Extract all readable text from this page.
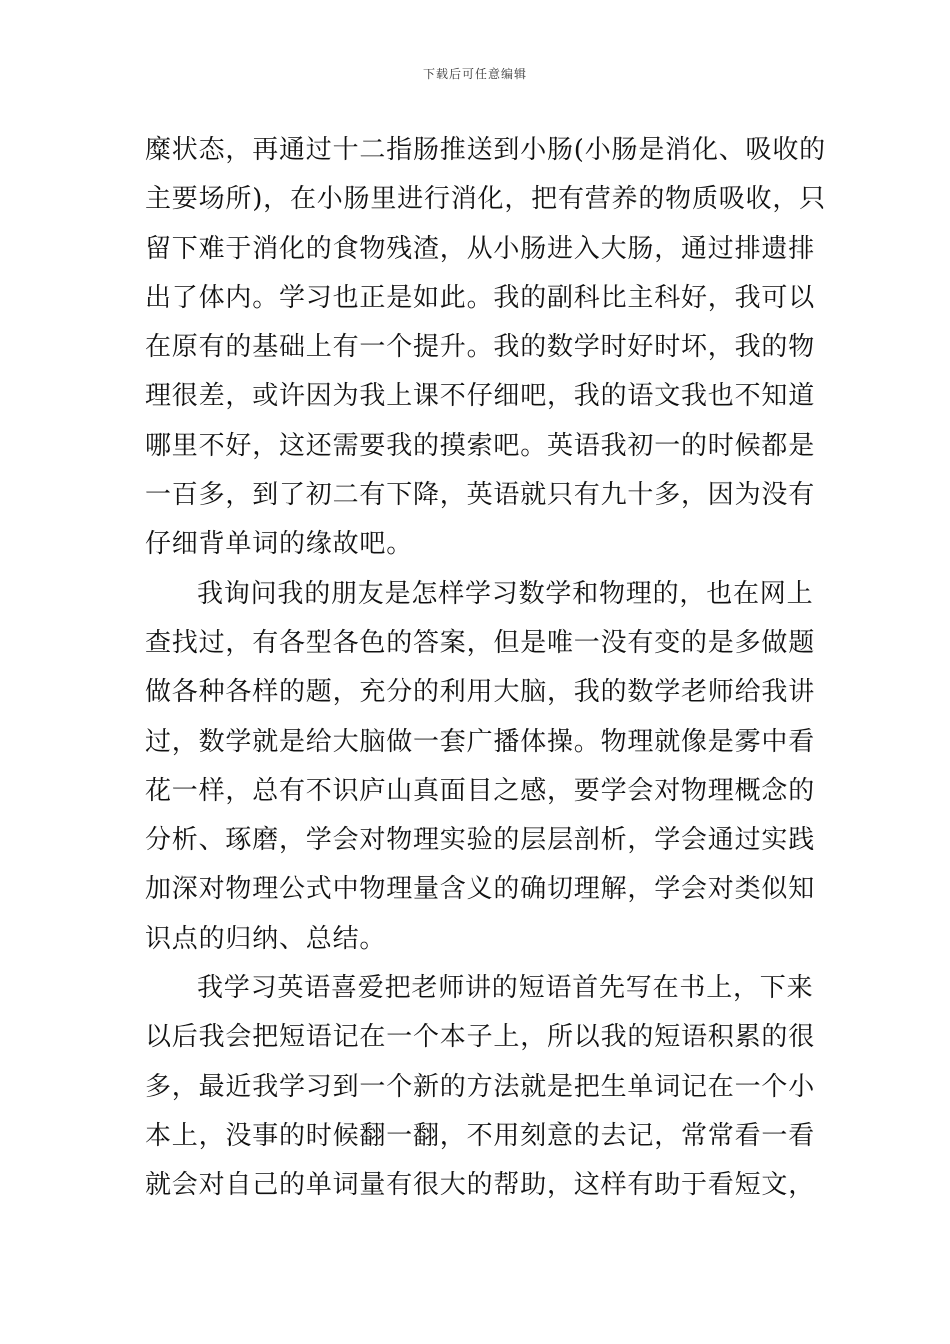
下载后可任意编辑
糜状态，再通过十二指肠推送到小肠(小肠是消化、吸收的
主要场所)，在小肠里进行消化，把有营养的物质吸收，只
留下难于消化的食物残渣，从小肠进入大肠，通过排遗排
出了体内。学习也正是如此。我的副科比主科好，我可以
在原有的基础上有一个提升。我的数学时好时坏，我的物
理很差，或许因为我上课不仔细吧，我的语文我也不知道
哪里不好，这还需要我的摸索吧。英语我初一的时候都是
一百多，到了初二有下降，英语就只有九十多，因为没有
仔细背单词的缘故吧。
我询问我的朋友是怎样学习数学和物理的，也在网上
查找过，有各型各色的答案，但是唯一没有变的是多做题
做各种各样的题，充分的利用大脑，我的数学老师给我讲
过，数学就是给大脑做一套广播体操。物理就像是雾中看
花一样，总有不识庐山真面目之感，要学会对物理概念的
分析、琢磨，学会对物理实验的层层剖析，学会通过实践
加深对物理公式中物理量含义的确切理解，学会对类似知
识点的归纳、总结。
我学习英语喜爱把老师讲的短语首先写在书上，下来
以后我会把短语记在一个本子上，所以我的短语积累的很
多，最近我学习到一个新的方法就是把生单词记在一个小
本上，没事的时候翻一翻，不用刻意的去记，常常看一看
就会对自己的单词量有很大的帮助，这样有助于看短文，
